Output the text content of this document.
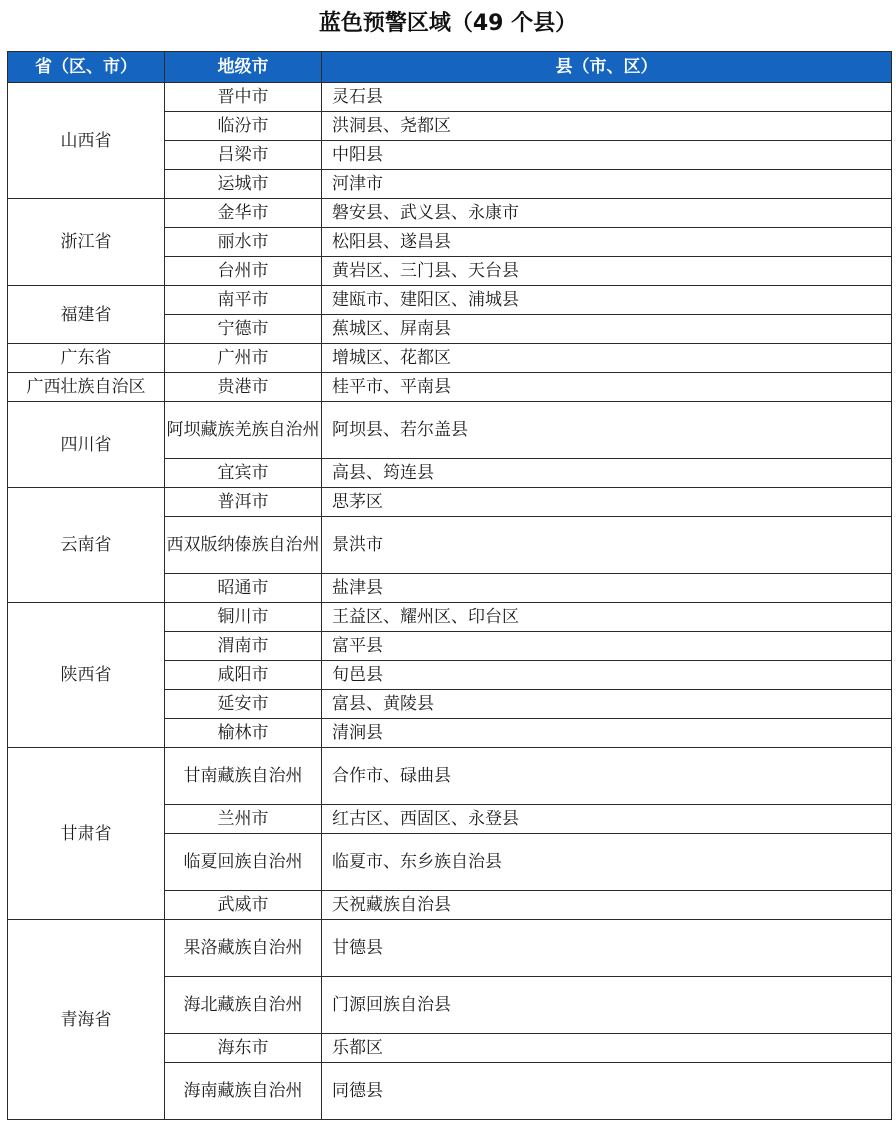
蓝色预警区域（49 个县）
省（区、市）	地级市	县（市、区）
山西省	晋中市	灵石县
	临汾市	洪洞县、尧都区
	吕梁市	中阳县
	运城市	河津市
浙江省	金华市	磐安县、武义县、永康市
	丽水市	松阳县、遂昌县
	台州市	黄岩区、三门县、天台县
福建省	南平市	建瓯市、建阳区、浦城县
	宁德市	蕉城区、屏南县
广东省	广州市	增城区、花都区
广西壮族自治区	贵港市	桂平市、平南县
四川省	阿坝藏族羌族自治州	阿坝县、若尔盖县
	宜宾市	高县、筠连县
云南省	普洱市	思茅区
	西双版纳傣族自治州	景洪市
	昭通市	盐津县
陕西省	铜川市	王益区、耀州区、印台区
	渭南市	富平县
	咸阳市	旬邑县
	延安市	富县、黄陵县
	榆林市	清涧县
甘肃省	甘南藏族自治州	合作市、碌曲县
	兰州市	红古区、西固区、永登县
	临夏回族自治州	临夏市、东乡族自治县
	武威市	天祝藏族自治县
青海省	果洛藏族自治州	甘德县
	海北藏族自治州	门源回族自治县
	海东市	乐都区
	海南藏族自治州	同德县
